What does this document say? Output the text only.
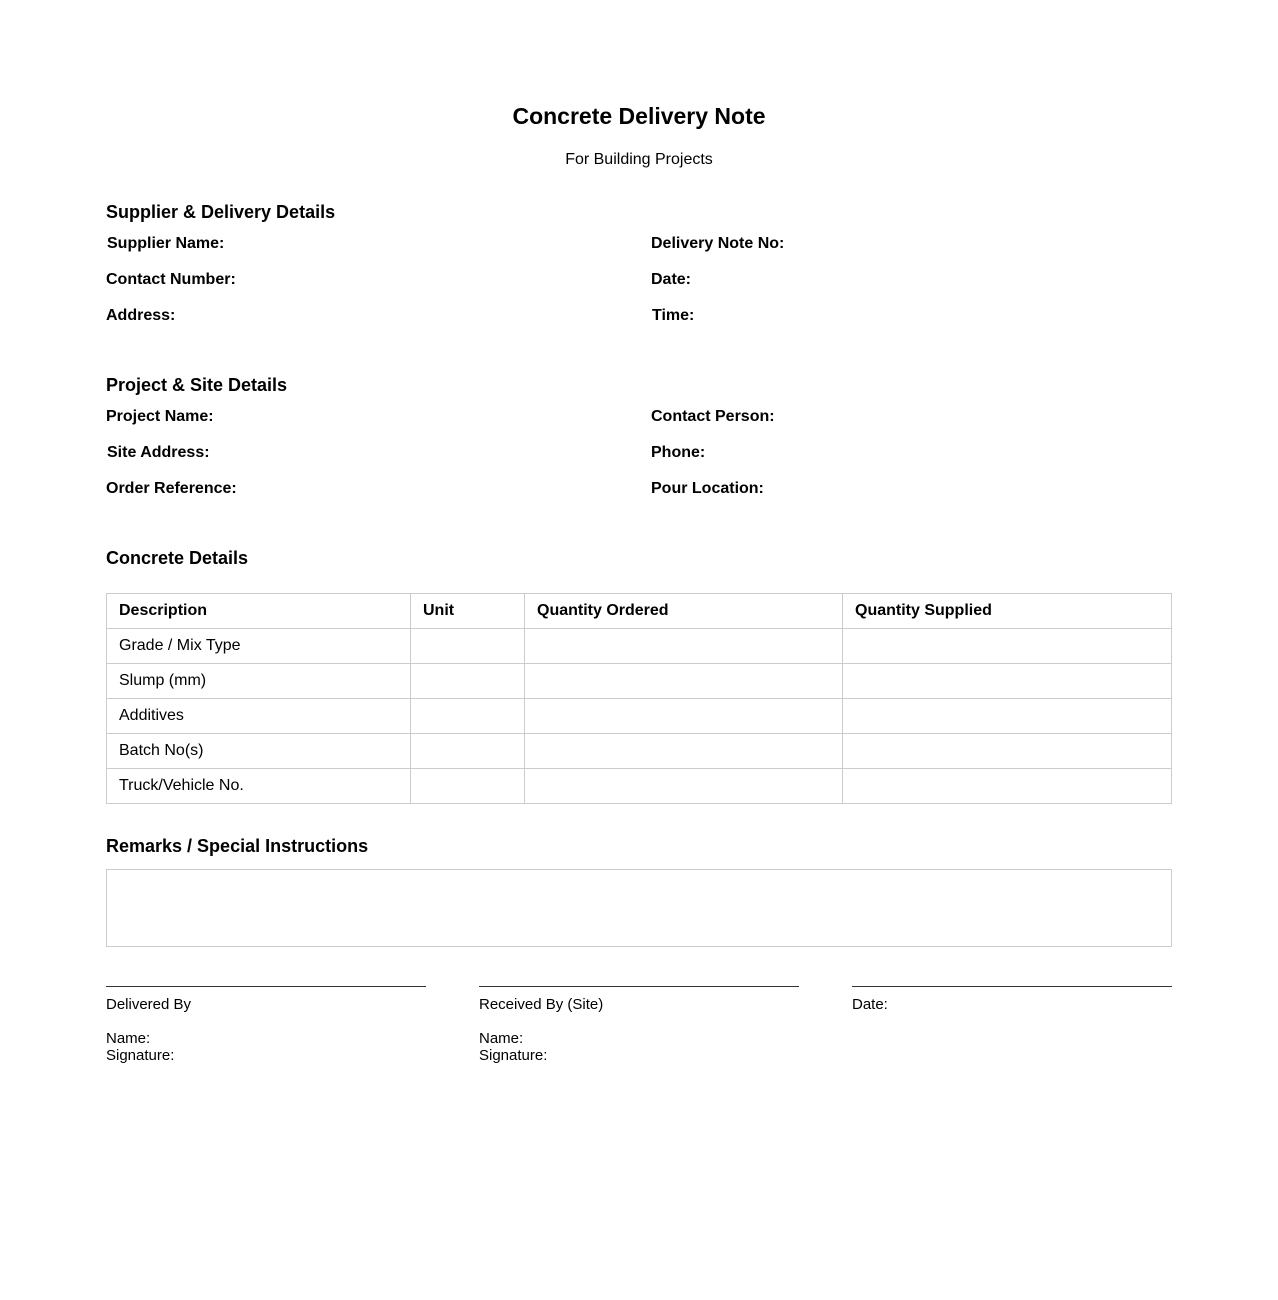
Concrete Delivery Note
For Building Projects
Supplier & Delivery Details
Supplier Name:
Contact Number:
Address:
Delivery Note No:
Date:
Time:
Project & Site Details
Project Name:
Site Address:
Order Reference:
Contact Person:
Phone:
Pour Location:
Concrete Details
Description	Unit	Quantity Ordered	Quantity Supplied
Grade / Mix Type			
Slump (mm)			
Additives			
Batch No(s)			
Truck/Vehicle No.			
Remarks / Special Instructions
Delivered By
Name:
Signature:
Received By (Site)
Name:
Signature:
Date:
